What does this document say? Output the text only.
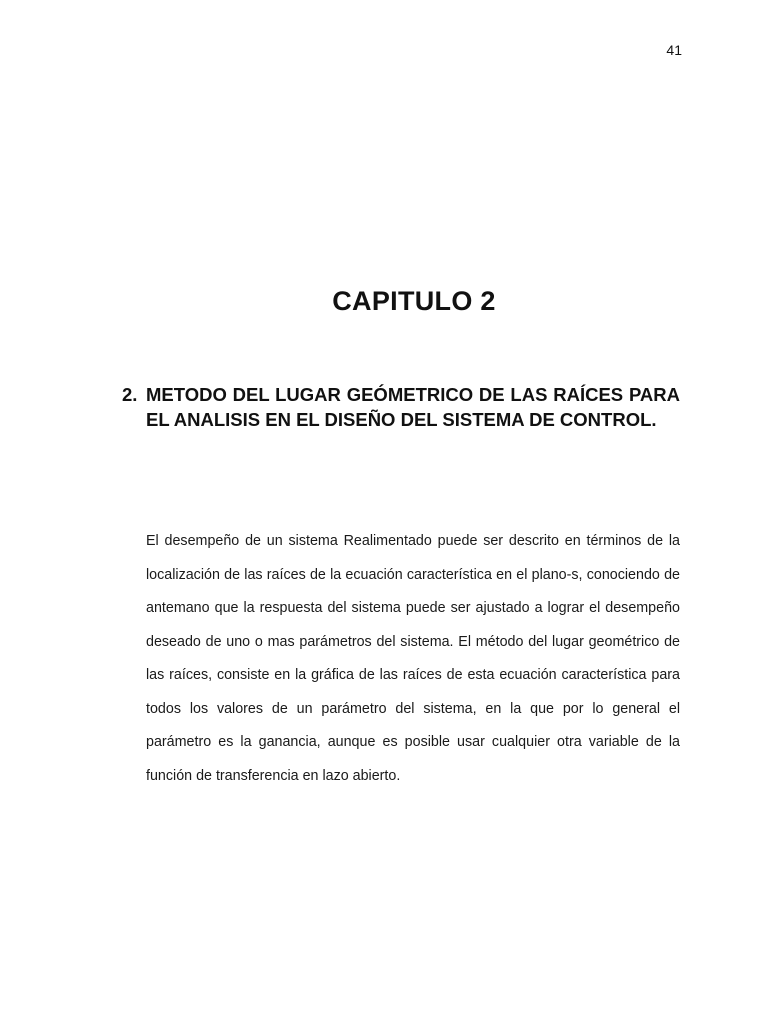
41
CAPITULO 2
2. METODO DEL LUGAR GEÓMETRICO DE LAS RAÍCES PARA EL ANALISIS EN EL DISEÑO DEL SISTEMA DE CONTROL.

El desempeño de un sistema Realimentado puede ser descrito en términos de la localización de las raíces de la ecuación característica en el plano-s, conociendo de antemano que la respuesta del sistema puede ser ajustado a lograr el desempeño deseado de uno o mas parámetros del sistema. El método del lugar geométrico de las raíces, consiste en la gráfica de las raíces de esta ecuación característica para todos los valores de un parámetro del sistema, en la que por lo general el parámetro es la ganancia, aunque es posible usar cualquier otra variable de la función de transferencia en lazo abierto.
